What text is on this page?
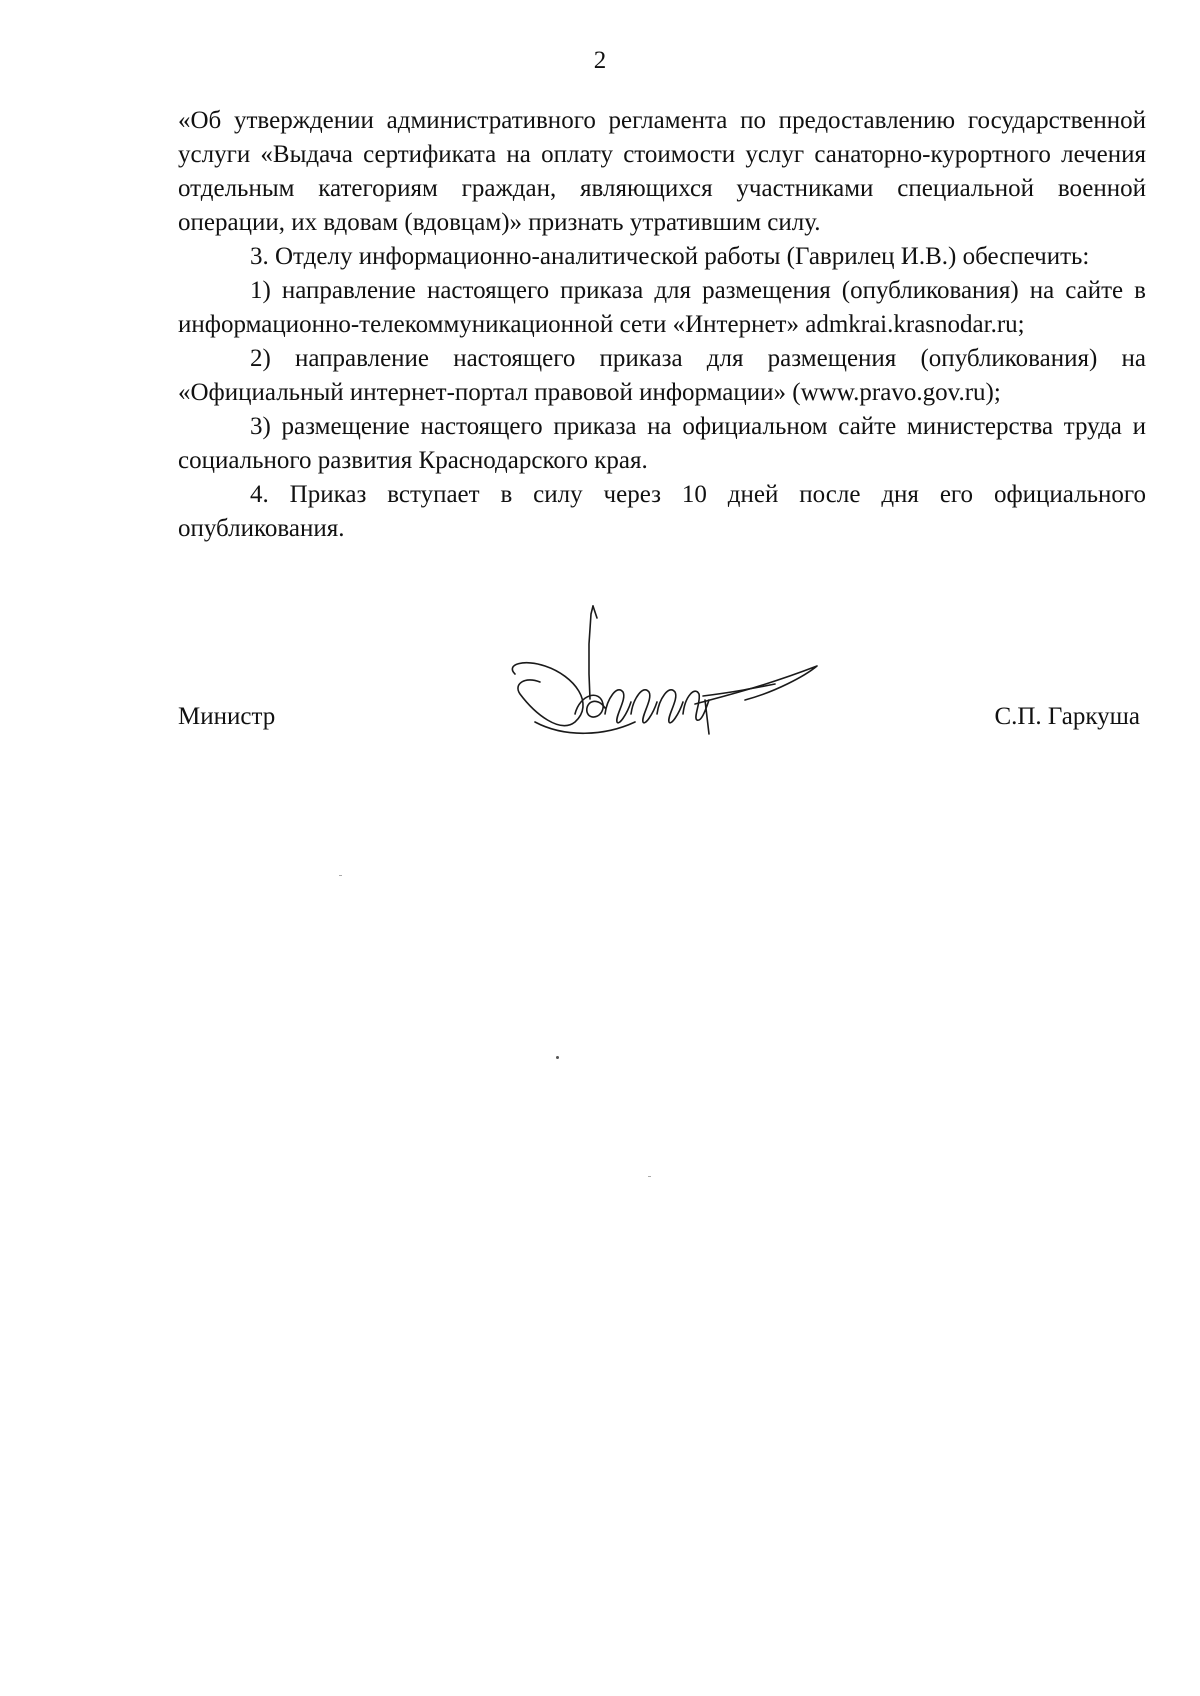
2

«Об утверждении административного регламента по предоставлению государственной услуги «Выдача сертификата на оплату стоимости услуг санаторно-курортного лечения отдельным категориям граждан, являющихся участниками специальной военной операции, их вдовам (вдовцам)» признать утратившим силу.

3. Отделу информационно-аналитической работы (Гаврилец И.В.) обеспечить:

1) направление настоящего приказа для размещения (опубликования) на сайте в информационно-телекоммуникационной сети «Интернет» admkrai.krasnodar.ru;

2) направление настоящего приказа для размещения (опубликования) на «Официальный интернет-портал правовой информации» (www.pravo.gov.ru);

3) размещение настоящего приказа на официальном сайте министерства труда и социального развития Краснодарского края.

4. Приказ вступает в силу через 10 дней после дня его официального опубликования.

Министр	С.П. Гаркуша
